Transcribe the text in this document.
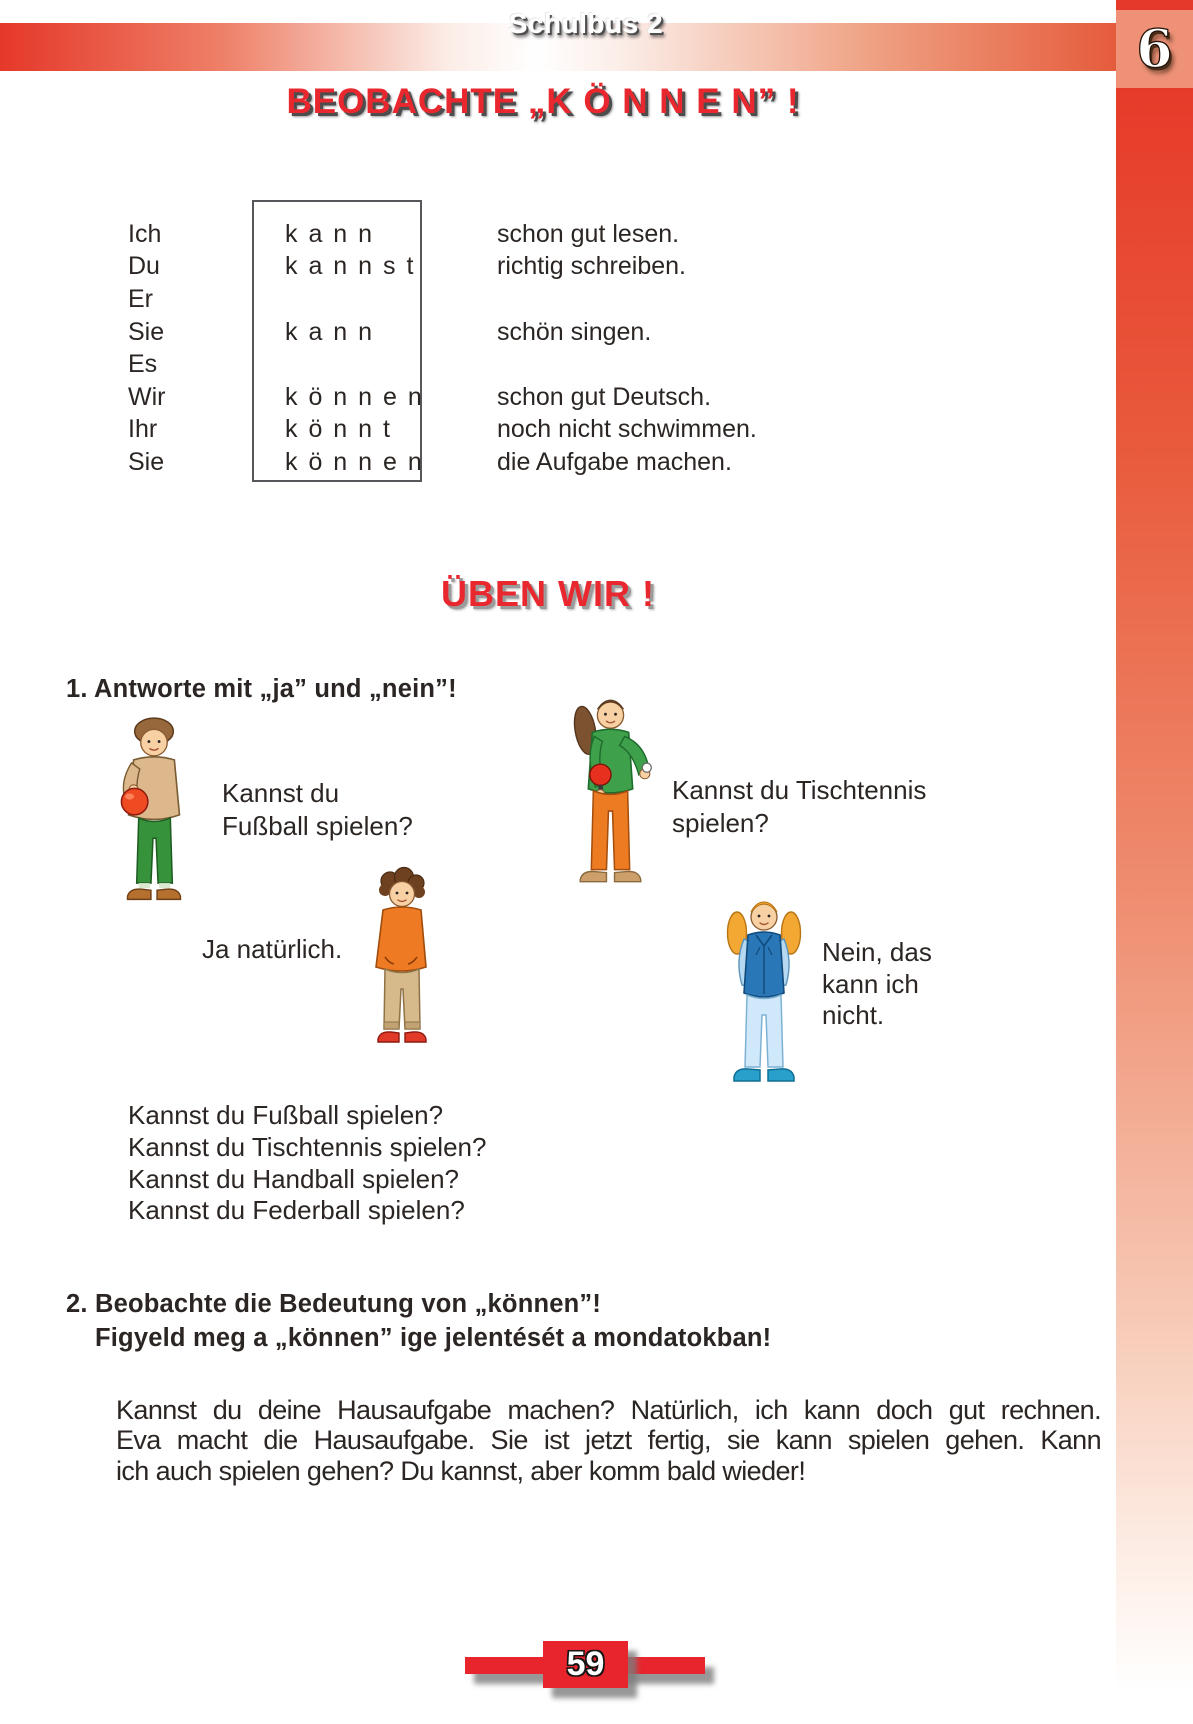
Schulbus 2	6
BEOBACHTE „K Ö N N E N” !
Ich	k a n n	schon gut lesen.
Du	k a n n s t	richtig schreiben.
Er
Sie	k a n n	schön singen.
Es
Wir	k ö n n e n	schon gut Deutsch.
Ihr	k ö n n t	noch nicht schwimmen.
Sie	k ö n n e n	die Aufgabe machen.
ÜBEN WIR !
1. Antworte mit „ja” und „nein”!
Kannst du
Fußball spielen?
Kannst du Tischtennis
spielen?
Ja natürlich.	Nein, das
kann ich
nicht.
Kannst du Fußball spielen?
Kannst du Tischtennis spielen?
Kannst du Handball spielen?
Kannst du Federball spielen?
2. Beobachte die Bedeutung von „können”!
Figyeld meg a „können” ige jelentését a mondatokban!
Kannst du deine Hausaufgabe machen? Natürlich, ich kann doch gut rechnen.
Eva macht die Hausaufgabe. Sie ist jetzt fertig, sie kann spielen gehen. Kann
ich auch spielen gehen? Du kannst, aber komm bald wieder!
59
